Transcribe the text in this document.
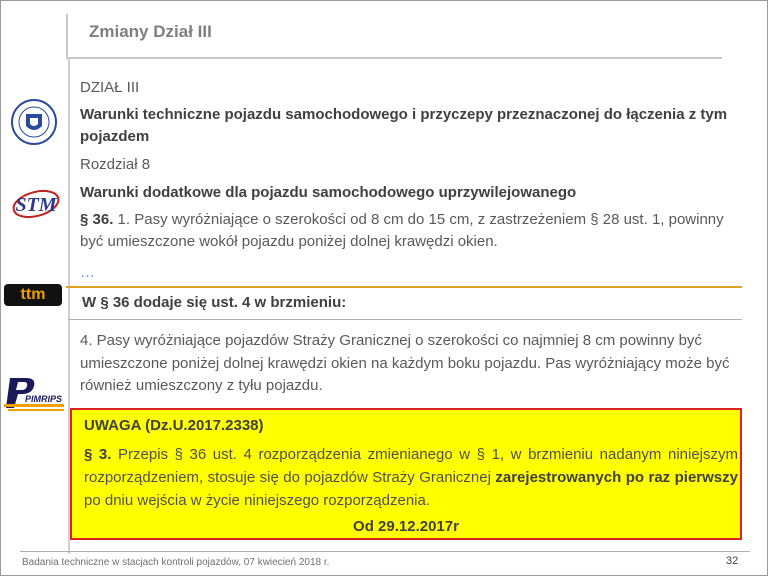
Zmiany Dział III
STM
ttm
PIMRIPS
DZIAŁ III
Warunki techniczne pojazdu samochodowego i przyczepy przeznaczonej do łączenia z tym pojazdem
Rozdział 8
Warunki dodatkowe dla pojazdu samochodowego uprzywilejowanego
§ 36. 1. Pasy wyróżniające o szerokości od 8 cm do 15 cm, z zastrzeżeniem § 28 ust. 1, powinny być umieszczone wokół pojazdu poniżej dolnej krawędzi okien.
…
W § 36 dodaje się ust. 4 w brzmieniu:
4. Pasy wyróżniające pojazdów Straży Granicznej o szerokości co najmniej 8 cm powinny być umieszczone poniżej dolnej krawędzi okien na każdym boku pojazdu. Pas wyróżniający może być również umieszczony z tyłu pojazdu.
UWAGA (Dz.U.2017.2338)
§ 3. Przepis § 36 ust. 4 rozporządzenia zmienianego w § 1, w brzmieniu nadanym niniejszym rozporządzeniem, stosuje się do pojazdów Straży Granicznej zarejestrowanych po raz pierwszy po dniu wejścia w życie niniejszego rozporządzenia.
Od 29.12.2017r
Badania techniczne w stacjach kontroli pojazdów, 07 kwiecień 2018 r.	32
